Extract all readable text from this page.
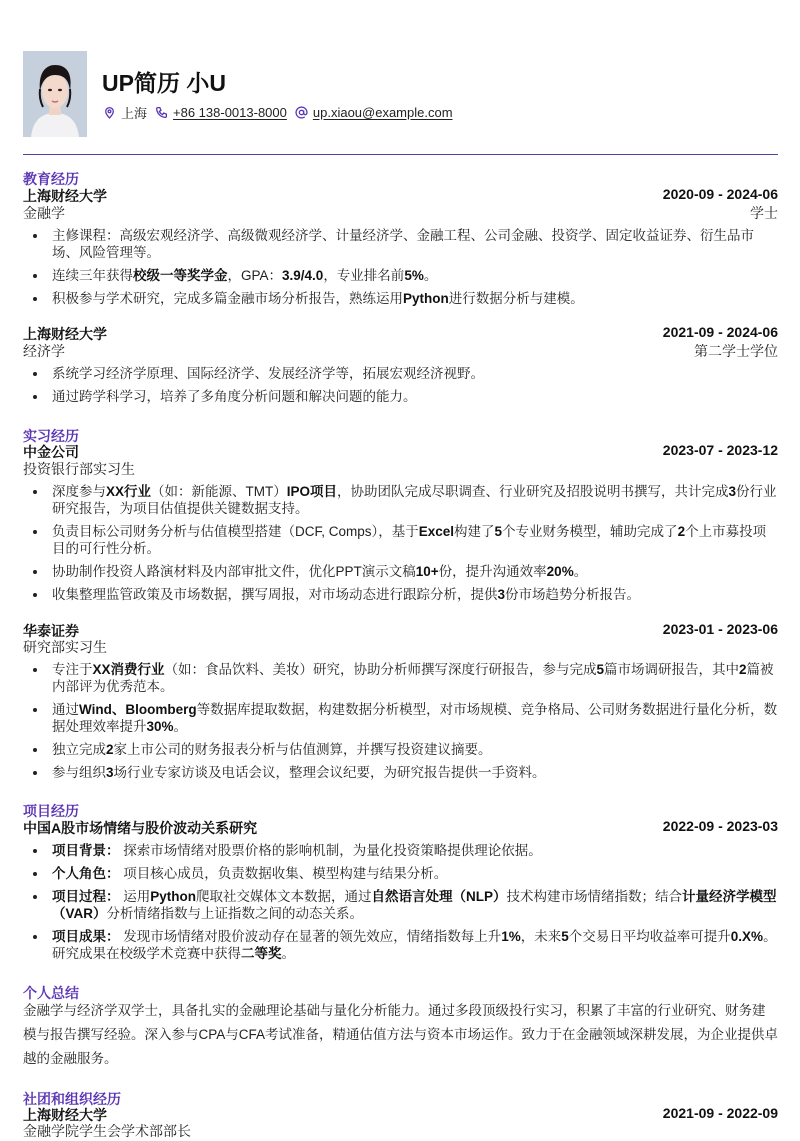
UP简历 小U
上海 +86 138-0013-8000 up.xiaou@example.com
教育经历
上海财经大学	2020-09 - 2024-06
金融学	学士
主修课程：高级宏观经济学、高级微观经济学、计量经济学、金融工程、公司金融、投资学、固定收益证券、衍生品市场、风险管理等。
连续三年获得校级一等奖学金，GPA：3.9/4.0，专业排名前5%。
积极参与学术研究，完成多篇金融市场分析报告，熟练运用Python进行数据分析与建模。
上海财经大学	2021-09 - 2024-06
经济学	第二学士学位
系统学习经济学原理、国际经济学、发展经济学等，拓展宏观经济视野。
通过跨学科学习，培养了多角度分析问题和解决问题的能力。
实习经历
中金公司	2023-07 - 2023-12
投资银行部实习生
深度参与XX行业（如：新能源、TMT）IPO项目，协助团队完成尽职调查、行业研究及招股说明书撰写，共计完成3份行业研究报告，为项目估值提供关键数据支持。
负责目标公司财务分析与估值模型搭建（DCF, Comps），基于Excel构建了5个专业财务模型，辅助完成了2个上市募投项目的可行性分析。
协助制作投资人路演材料及内部审批文件，优化PPT演示文稿10+份，提升沟通效率20%。
收集整理监管政策及市场数据，撰写周报，对市场动态进行跟踪分析，提供3份市场趋势分析报告。
华泰证券	2023-01 - 2023-06
研究部实习生
专注于XX消费行业（如：食品饮料、美妆）研究，协助分析师撰写深度行研报告，参与完成5篇市场调研报告，其中2篇被内部评为优秀范本。
通过Wind、Bloomberg等数据库提取数据，构建数据分析模型，对市场规模、竞争格局、公司财务数据进行量化分析，数据处理效率提升30%。
独立完成2家上市公司的财务报表分析与估值测算，并撰写投资建议摘要。
参与组织3场行业专家访谈及电话会议，整理会议纪要，为研究报告提供一手资料。
项目经历
中国A股市场情绪与股价波动关系研究	2022-09 - 2023-03
项目背景： 探索市场情绪对股票价格的影响机制，为量化投资策略提供理论依据。
个人角色： 项目核心成员，负责数据收集、模型构建与结果分析。
项目过程： 运用Python爬取社交媒体文本数据，通过自然语言处理（NLP）技术构建市场情绪指数；结合计量经济学模型（VAR）分析情绪指数与上证指数之间的动态关系。
项目成果： 发现市场情绪对股价波动存在显著的领先效应，情绪指数每上升1%，未来5个交易日平均收益率可提升0.X%。研究成果在校级学术竞赛中获得二等奖。
个人总结
金融学与经济学双学士，具备扎实的金融理论基础与量化分析能力。通过多段顶级投行实习，积累了丰富的行业研究、财务建模与报告撰写经验。深入参与CPA与CFA考试准备，精通估值方法与资本市场运作。致力于在金融领域深耕发展，为企业提供卓越的金融服务。
社团和组织经历
上海财经大学	2021-09 - 2022-09
金融学院学生会学术部部长
